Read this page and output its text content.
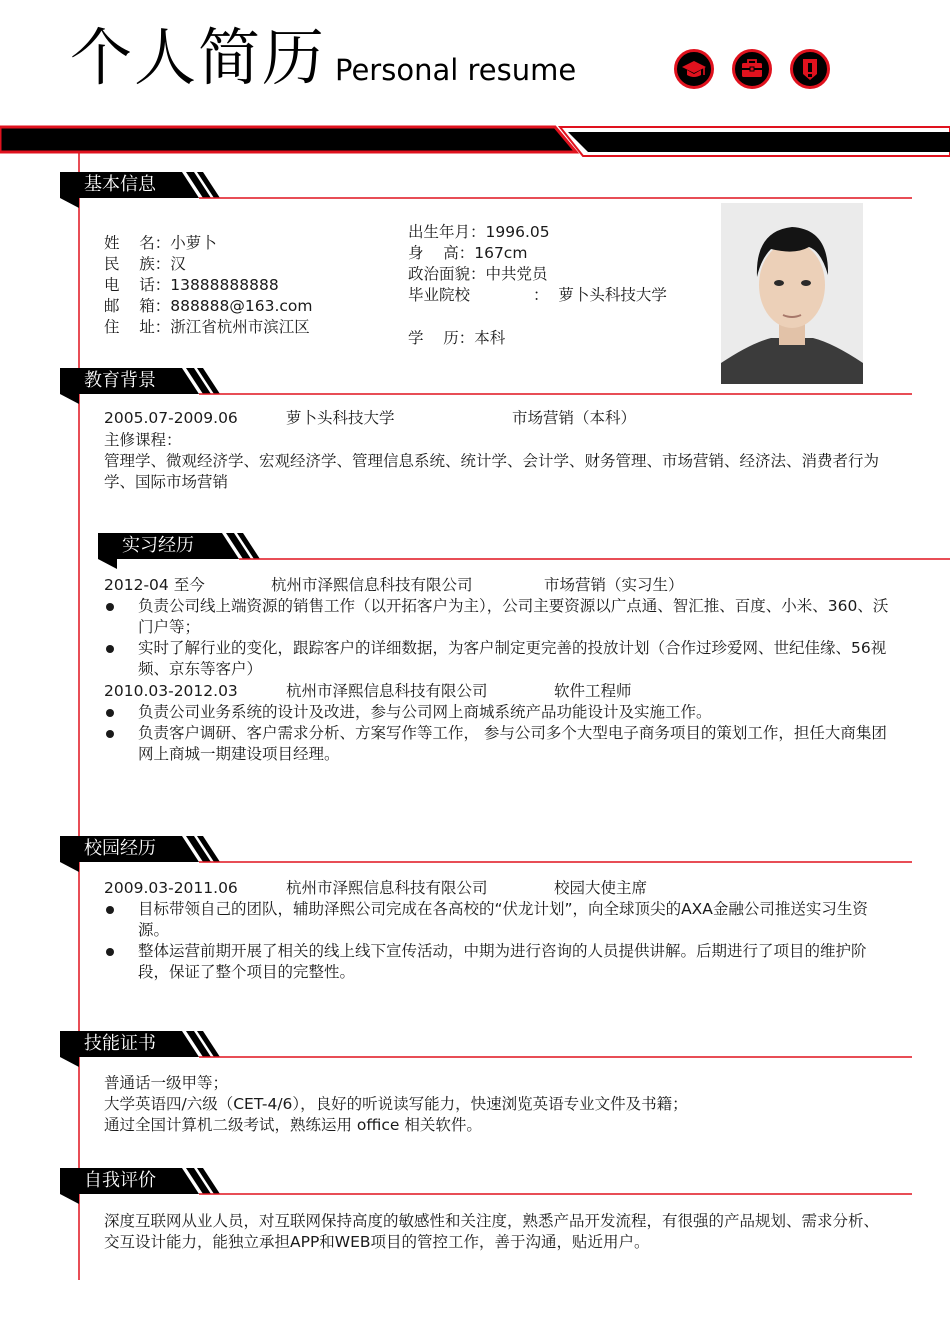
个人简历 Personal resume
基本信息
教育背景
实习经历
校园经历
技能证书
自我评价
姓    名：小萝卜
民    族：汉
电    话：13888888888
邮    箱：888888@163.com
住    址：浙江省杭州市滨江区
出生年月：1996.05
身    高：167cm
政治面貌：中共党员
毕业院校	：  萝卜头科技大学
学    历：本科
2005.07-2009.06	萝卜头科技大学	市场营销（本科）
主修课程：
管理学、微观经济学、宏观经济学、管理信息系统、统计学、会计学、财务管理、市场营销、经济法、消费者行为学、国际市场营销
2012-04 至今	杭州市泽熙信息科技有限公司	市场营销（实习生）
负责公司线上端资源的销售工作（以开拓客户为主），公司主要资源以广点通、智汇推、百度、小米、360、沃门户等；
实时了解行业的变化，跟踪客户的详细数据，为客户制定更完善的投放计划（合作过珍爱网、世纪佳缘、56视频、京东等客户）
2010.03-2012.03	杭州市泽熙信息科技有限公司	软件工程师
负责公司业务系统的设计及改进，参与公司网上商城系统产品功能设计及实施工作。
负责客户调研、客户需求分析、方案写作等工作， 参与公司多个大型电子商务项目的策划工作，担任大商集团网上商城一期建设项目经理。
2009.03-2011.06	杭州市泽熙信息科技有限公司	校园大使主席
目标带领自己的团队，辅助泽熙公司完成在各高校的“伏龙计划”，向全球顶尖的AXA金融公司推送实习生资源。
整体运营前期开展了相关的线上线下宣传活动，中期为进行咨询的人员提供讲解。后期进行了项目的维护阶段，保证了整个项目的完整性。
普通话一级甲等；
大学英语四/六级（CET-4/6），良好的听说读写能力，快速浏览英语专业文件及书籍；
通过全国计算机二级考试，熟练运用 office 相关软件。
深度互联网从业人员，对互联网保持高度的敏感性和关注度，熟悉产品开发流程，有很强的产品规划、需求分析、交互设计能力，能独立承担APP和WEB项目的管控工作，善于沟通，贴近用户。
